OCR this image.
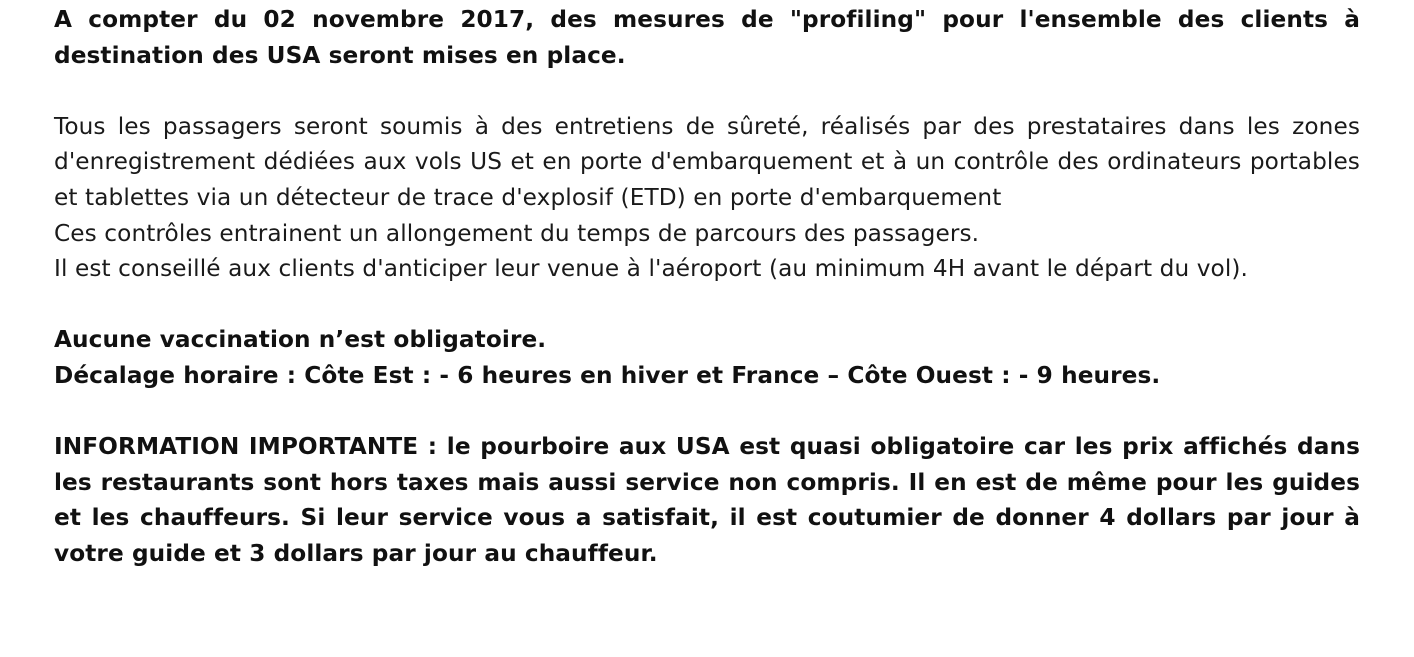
A compter du 02 novembre 2017, des mesures de "profiling" pour l'ensemble des clients à destination des USA seront mises en place.

Tous les passagers seront soumis à des entretiens de sûreté, réalisés par des prestataires dans les zones d'enregistrement dédiées aux vols US et en porte d'embarquement et à un contrôle des ordinateurs portables et tablettes via un détecteur de trace d'explosif (ETD) en porte d'embarquement

Ces contrôles entrainent un allongement du temps de parcours des passagers.

Il est conseillé aux clients d'anticiper leur venue à l'aéroport (au minimum 4H avant le départ du vol).

Aucune vaccination n’est obligatoire.

Décalage horaire : Côte Est : - 6 heures en hiver et France – Côte Ouest : - 9 heures.

INFORMATION IMPORTANTE : le pourboire aux USA est quasi obligatoire car les prix affichés dans les restaurants sont hors taxes mais aussi service non compris. Il en est de même pour les guides et les chauffeurs. Si leur service vous a satisfait, il est coutumier de donner 4 dollars par jour à votre guide et 3 dollars par jour au chauffeur.
